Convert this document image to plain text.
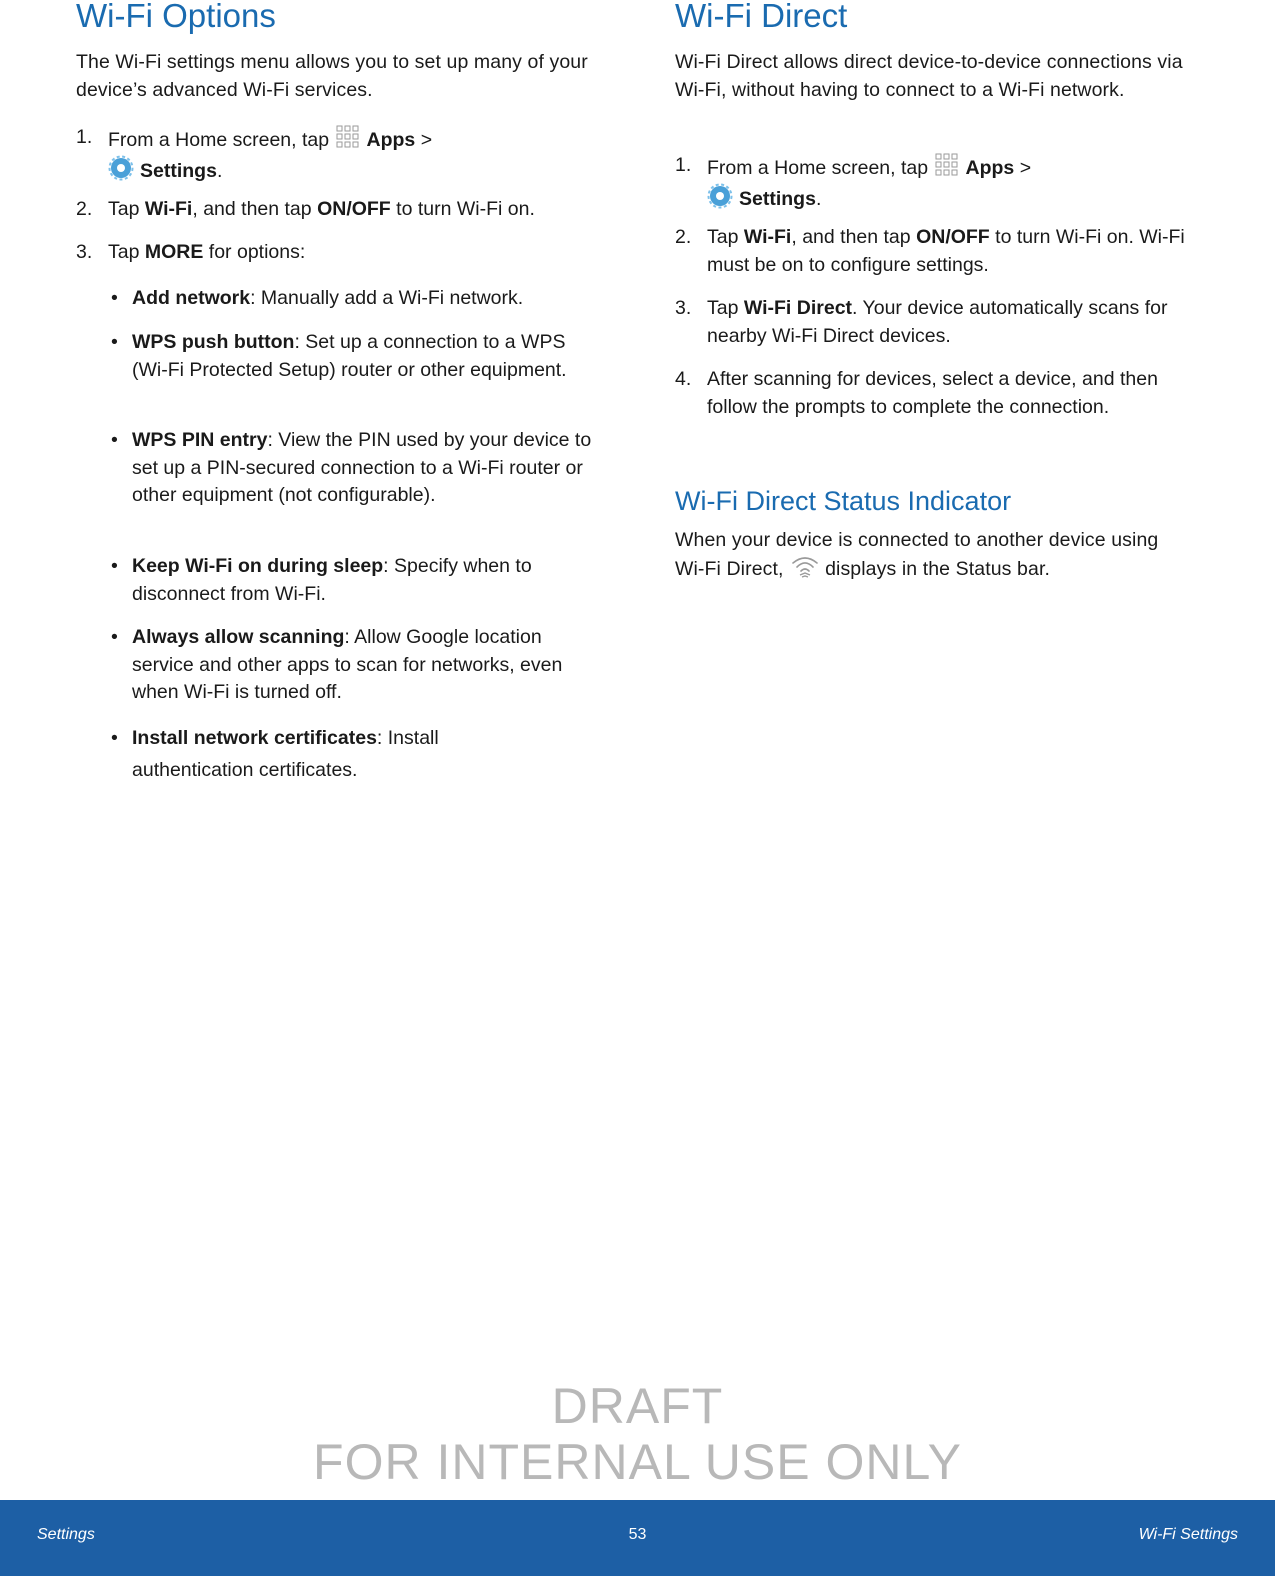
Wi-Fi Options

The Wi-Fi settings menu allows you to set up many of your device’s advanced Wi-Fi services.

1. From a Home screen, tap Apps >
Settings.
2. Tap Wi-Fi, and then tap ON/OFF to turn Wi-Fi on.
3. Tap MORE for options:
• Add network: Manually add a Wi-Fi network.
• WPS push button: Set up a connection to a WPS (Wi-Fi Protected Setup) router or other equipment.
• WPS PIN entry: View the PIN used by your device to set up a PIN-secured connection to a Wi-Fi router or other equipment (not configurable).
• Keep Wi-Fi on during sleep: Specify when to disconnect from Wi-Fi.
• Always allow scanning: Allow Google location service and other apps to scan for networks, even when Wi-Fi is turned off.
• Install network certificates: Install authentication certificates.
Wi-Fi Direct

Wi-Fi Direct allows direct device-to-device connections via Wi-Fi, without having to connect to a Wi-Fi network.

1. From a Home screen, tap Apps >
Settings.
2. Tap Wi-Fi, and then tap ON/OFF to turn Wi-Fi on. Wi-Fi must be on to configure settings.
3. Tap Wi-Fi Direct. Your device automatically scans for nearby Wi-Fi Direct devices.
4. After scanning for devices, select a device, and then follow the prompts to complete the connection.
Wi-Fi Direct Status Indicator
When your device is connected to another device using Wi-Fi Direct, displays in the Status bar.
DRAFT
FOR INTERNAL USE ONLY
Settings	53	Wi-Fi Settings
